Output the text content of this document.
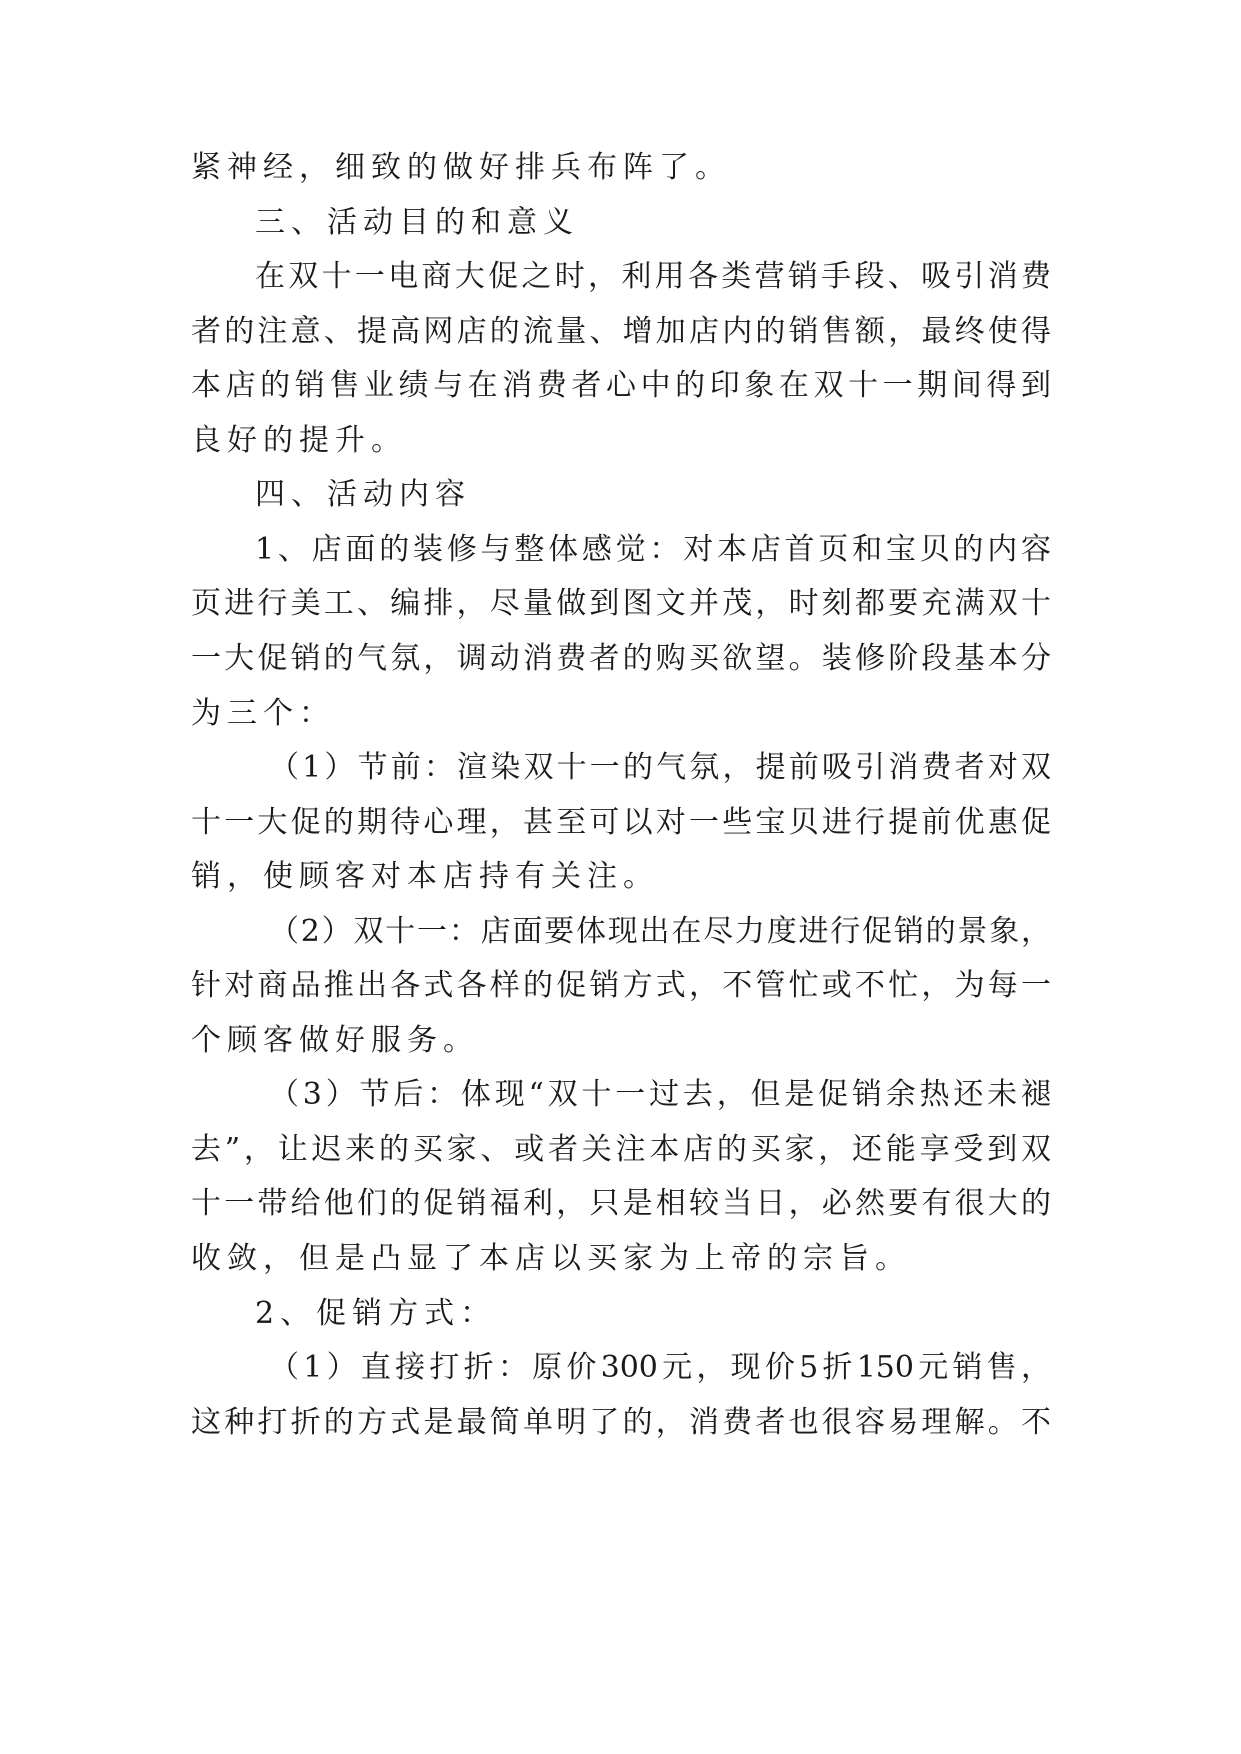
紧神经，细致的做好排兵布阵了。
三、活动目的和意义
在双十一电商大促之时，利用各类营销手段、吸引消费
者的注意、提高网店的流量、增加店内的销售额，最终使得
本店的销售业绩与在消费者心中的印象在双十一期间得到
良好的提升。
四、活动内容
1、店面的装修与整体感觉：对本店首页和宝贝的内容
页进行美工、编排，尽量做到图文并茂，时刻都要充满双十
一大促销的气氛，调动消费者的购买欲望。装修阶段基本分
为三个：
（1）节前：渲染双十一的气氛，提前吸引消费者对双
十一大促的期待心理，甚至可以对一些宝贝进行提前优惠促
销，使顾客对本店持有关注。
（2）双十一：店面要体现出在尽力度进行促销的景象，
针对商品推出各式各样的促销方式，不管忙或不忙，为每一
个顾客做好服务。
（3）节后：体现“双十一过去，但是促销余热还未褪
去”，让迟来的买家、或者关注本店的买家，还能享受到双
十一带给他们的促销福利，只是相较当日，必然要有很大的
收敛，但是凸显了本店以买家为上帝的宗旨。
2、促销方式：
（1）直接打折：原价300元，现价5折150元销售，
这种打折的方式是最简单明了的，消费者也很容易理解。不
